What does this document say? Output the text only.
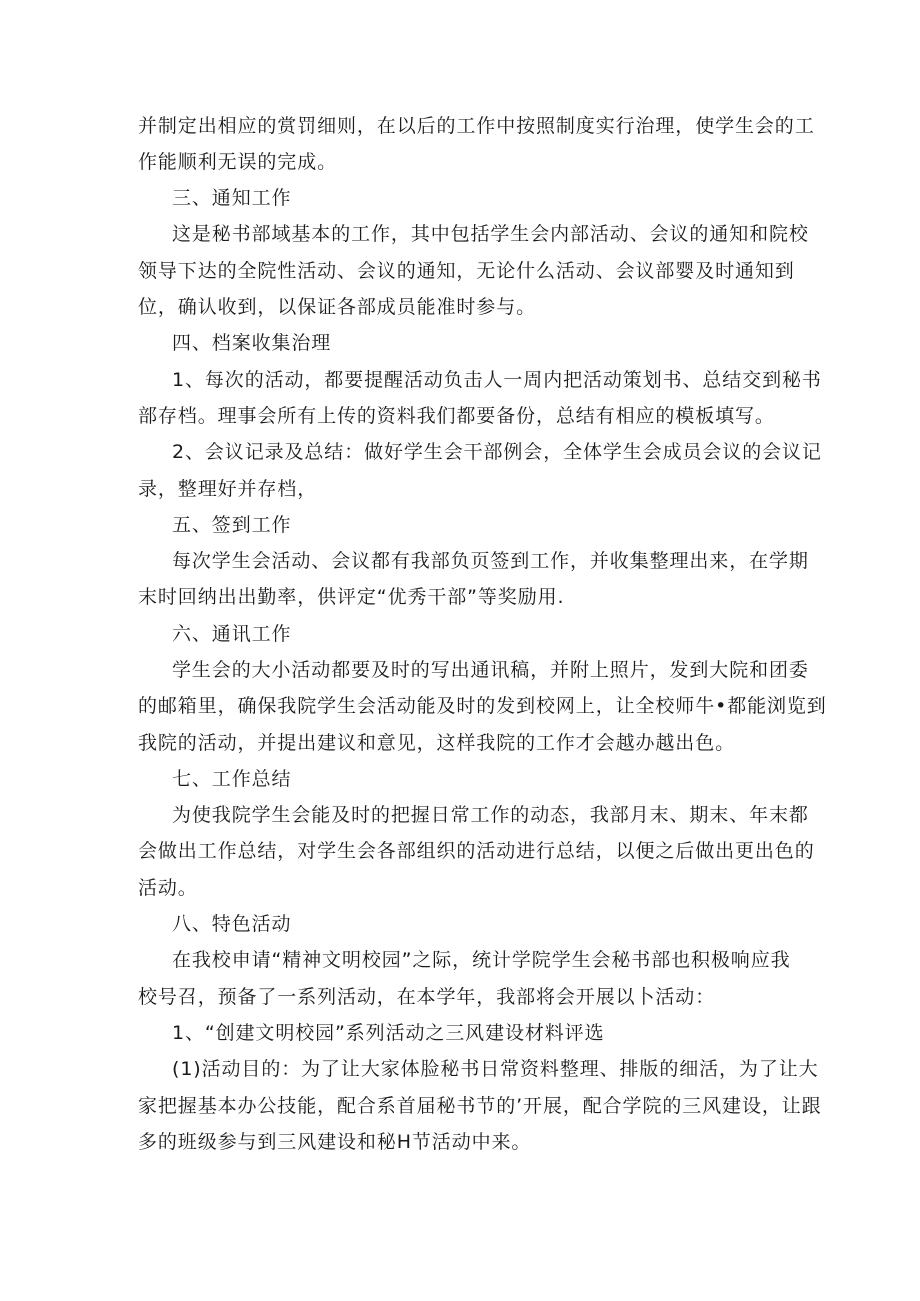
并制定出相应的赏罚细则，在以后的工作中按照制度实行治理，使学生会的工
作能顺利无误的完成。
三、通知工作
这是秘书部域基本的工作，其中包括学生会内部活动、会议的通知和院校
领导下达的全院性活动、会议的通知，无论什么活动、会议部婴及时通知到
位，确认收到，以保证各部成员能准时参与。
四、档案收集治理
1、每次的活动，都要提醒活动负击人一周内把活动策划书、总结交到秘书
部存档。理事会所有上传的资料我们都要备份，总结有相应的模板填写。
2、会议记录及总结：做好学生会干部例会，全体学生会成员会议的会议记
录，整理好并存档，
五、签到工作
每次学生会活动、会议都有我部负页签到工作，并收集整理出来，在学期
末时回纳出出勤率，供评定“优秀干部”等奖励用.
六、通讯工作
学生会的大小活动都要及时的写出通讯稿，并附上照片，发到大院和团委
的邮箱里，确保我院学生会活动能及时的发到校网上，让全校师牛•都能浏览到
我院的活动，并提出建议和意见，这样我院的工作才会越办越出色。
七、工作总结
为使我院学生会能及时的把握日常工作的动态，我部月末、期末、年末都
会做出工作总结，对学生会各部组织的活动进行总结，以便之后做出更出色的
活动。
八、特色活动
在我校申请“精神文明校园”之际，统计学院学生会秘书部也积极响应我
校号召，预备了一系列活动，在本学年，我部将会开展以卜活动：
1、“创建文明校园”系列活动之三风建设材料评选
(1)活动目的：为了让大家体脸秘书日常资料整理、排版的细活，为了让大
家把握基本办公技能，配合系首届秘书节的’开展，配合学院的三风建设，让跟
多的班级参与到三风建设和秘H节活动中来。
